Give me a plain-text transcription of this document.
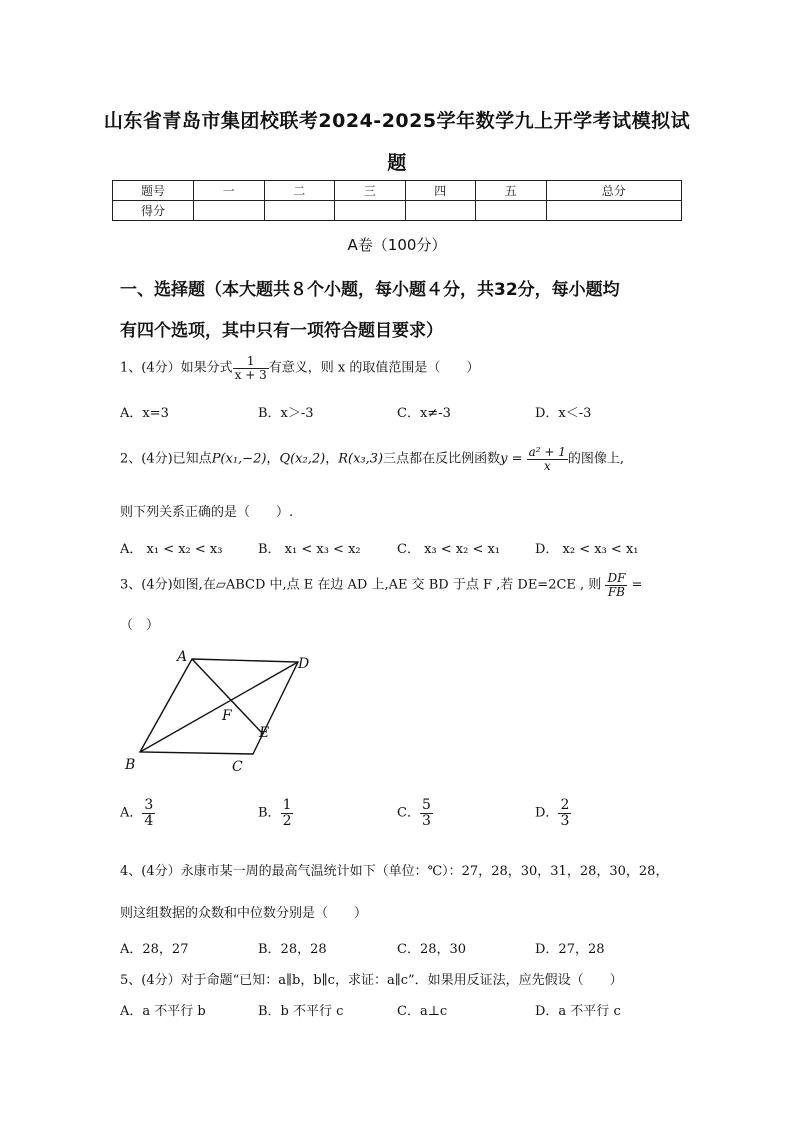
山东省青岛市集团校联考2024-2025学年数学九上开学考试模拟试
题
题号	一	二	三	四	五	总分
得分						
A卷（100分）
一、选择题（本大题共８个小题，每小题４分，共32分，每小题均
有四个选项，其中只有一项符合题目要求）
1、(4分）如果分式 $\frac{1}{x + 3}$ 有意义，则 x 的取值范围是（　　）
A．x=3	B．x＞-3	C．x≠-3	D．x＜-3
2、(4分)已知点P(x₁,−2)，Q(x₂,2)，R(x₃,3)三点都在反比例函数$y = \frac{\text{a² + 1}}{x}$ 的图像上,
则下列关系正确的是（　　）.
A． x₁ < x₂ < x₃	B． x₁ < x₃ < x₂	C． x₃ < x₂ < x₁	D． x₂ < x₃ < x₁
3、(4分)如图,在▱ABCD 中,点 E 在边 AD 上,AE 交 BD 于点 F ,若 DE=2CE , 则 $\frac{DF}{FB}$ =
（　）
A	D
B	C
E
F
A． $\frac{3}{4}$	B． $\frac{1}{2}$	C． $\frac{5}{3}$	D． $\frac{2}{3}$
4、(4分）永康市某一周的最高气温统计如下（单位：℃）：27，28，30，31，28，30，28，
则这组数据的众数和中位数分别是（　　）
A．28，27	B．28，28	C．28，30	D．27，28
5、(4分）对于命题“已知：a∥b，b∥c，求证：a∥c”．如果用反证法，应先假设（　　）
A．a 不平行 b	B．b 不平行 c	C．a⊥c	D．a 不平行 c
